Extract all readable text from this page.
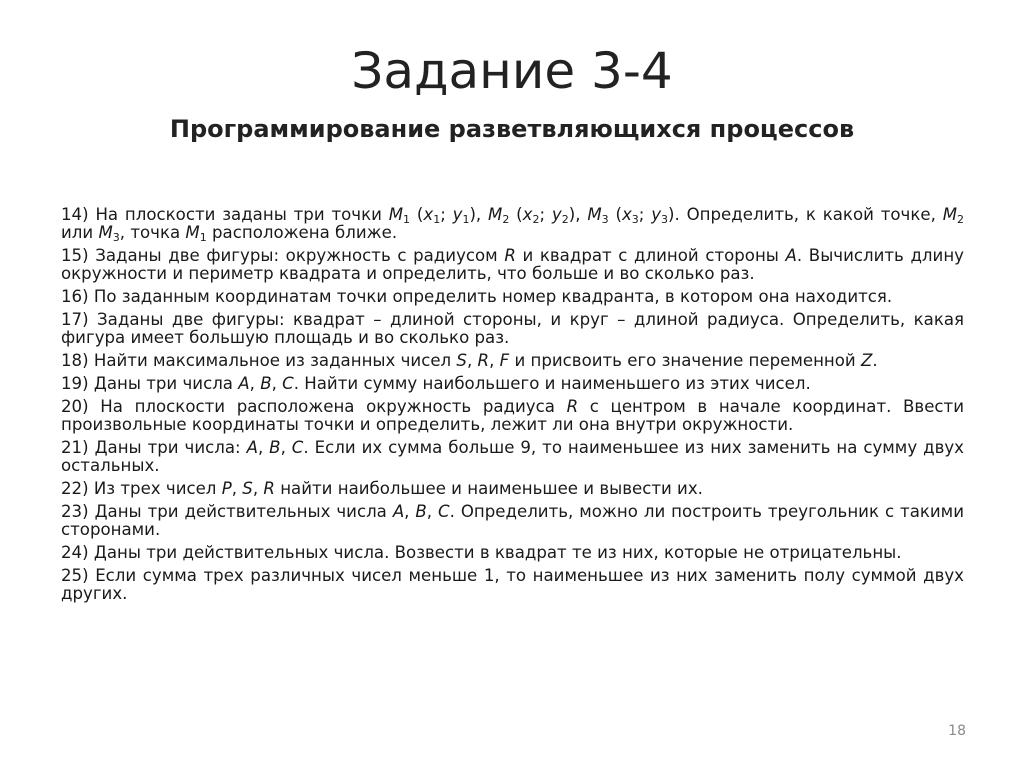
Задание 3-4
Программирование разветвляющихся процессов
14) На плоскости заданы три точки $M_1$ ($x_1$; $y_1$), $M_2$ ($x_2$; $y_2$), $M_3$ ($x_3$; $y_3$). Определить, к какой точке, $M_2$ или $M_3$, точка $M_1$ расположена ближе.
15) Заданы две фигуры: окружность с радиусом R и квадрат с длиной стороны A. Вычислить длину окружности и периметр квадрата и определить, что больше и во сколько раз.
16) По заданным координатам точки определить номер квадранта, в котором она находится.
17) Заданы две фигуры: квадрат – длиной стороны, и круг – длиной радиуса. Определить, какая фигура имеет большую площадь и во сколько раз.
18) Найти максимальное из заданных чисел S, R, F и присвоить его значение переменной Z.
19) Даны три числа A, B, C. Найти сумму наибольшего и наименьшего из этих чисел.
20) На плоскости расположена окружность радиуса R с центром в начале координат. Ввести произвольные координаты точки и определить, лежит ли она внутри окружности.
21) Даны три числа: A, B, C. Если их сумма больше 9, то наименьшее из них заменить на сумму двух остальных.
22) Из трех чисел P, S, R найти наибольшее и наименьшее и вывести их.
23) Даны три действительных числа A, B, C. Определить, можно ли построить треугольник с такими сторонами.
24) Даны три действительных числа. Возвести в квадрат те из них, которые не отрицательны.
25) Если сумма трех различных чисел меньше 1, то наименьшее из них заменить полу суммой двух других.
18
